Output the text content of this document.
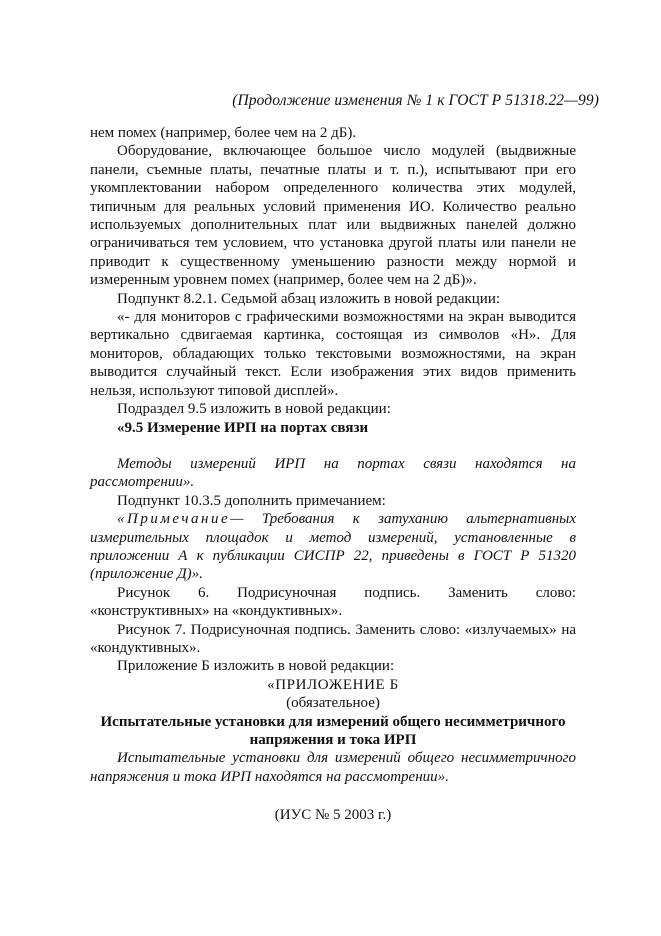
(Продолжение изменения № 1 к ГОСТ Р 51318.22—99)

нем помех (например, более чем на 2 дБ).

Оборудование, включающее большое число модулей (выдвижные панели, съемные платы, печатные платы и т. п.), испытывают при его укомплектовании набором определенного количества этих модулей, типичным для реальных условий применения ИО. Количество реально используемых дополнительных плат или выдвижных панелей должно ограничиваться тем условием, что установка другой платы или панели не приводит к существенному уменьшению разности между нормой и измеренным уровнем помех (например, более чем на 2 дБ)».

Подпункт 8.2.1. Седьмой абзац изложить в новой редакции:

«- для мониторов с графическими возможностями на экран выводится вертикально сдвигаемая картинка, состоящая из символов «Н». Для мониторов, обладающих только текстовыми возможностями, на экран выводится случайный текст. Если изображения этих видов применить нельзя, используют типовой дисплей».

Подраздел 9.5 изложить в новой редакции:

«9.5 Измерение ИРП на портах связи

Методы измерений ИРП на портах связи находятся на рассмотрении».

Подпункт 10.3.5 дополнить примечанием:

«Примечание— Требования к затуханию альтернативных измерительных площадок и метод измерений, установленные в приложении А к публикации СИСПР 22, приведены в ГОСТ Р 51320 (приложение Д)».

Рисунок 6. Подрисуночная подпись. Заменить слово: «конструктивных» на «кондуктивных».

Рисунок 7. Подрисуночная подпись. Заменить слово: «излучаемых» на «кондуктивных».

Приложение Б изложить в новой редакции:

«ПРИЛОЖЕНИЕ Б

(обязательное)

Испытательные установки для измерений общего несимметричного напряжения и тока ИРП

Испытательные установки для измерений общего несимметричного напряжения и тока ИРП находятся на рассмотрении».

(ИУС № 5 2003 г.)
